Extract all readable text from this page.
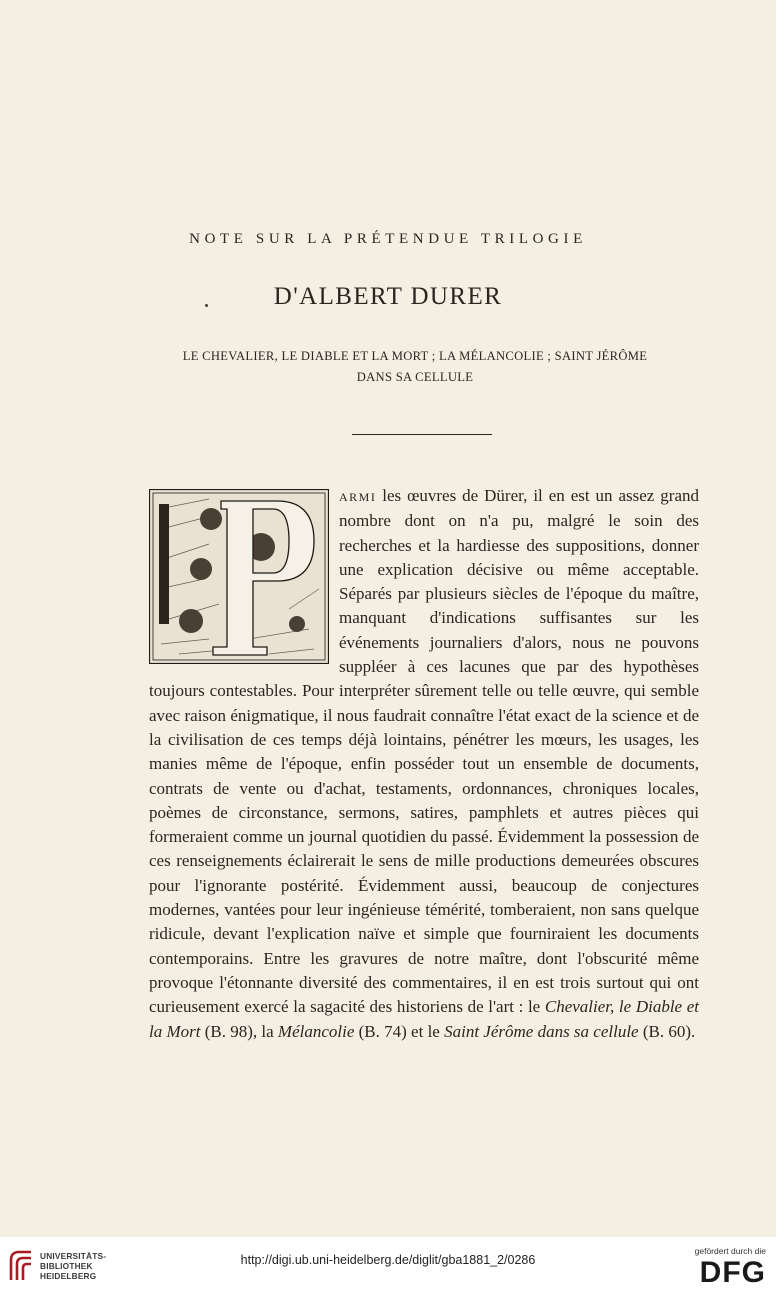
NOTE SUR LA PRÉTENDUE TRILOGIE
D'ALBERT DURER
LE CHEVALIER, LE DIABLE ET LA MORT ; LA MÉLANCOLIE ; SAINT JÉRÔME
DANS SA CELLULE
ARMI les œuvres de Dürer, il en est un assez grand nombre dont on n'a pu, malgré le soin des recherches et la hardiesse des suppositions, donner une explication décisive ou même acceptable. Séparés par plusieurs siècles de l'époque du maître, manquant d'indications suffisantes sur les événements journaliers d'alors, nous ne pouvons suppléer à ces lacunes que par des hypothèses toujours contestables. Pour interpréter sûrement telle ou telle œuvre, qui semble avec raison énigmatique, il nous faudrait connaître l'état exact de la science et de la civilisation de ces temps déjà lointains, pénétrer les mœurs, les usages, les manies même de l'époque, enfin posséder tout un ensemble de documents, contrats de vente ou d'achat, testaments, ordonnances, chroniques locales, poèmes de circonstance, sermons, satires, pamphlets et autres pièces qui formeraient comme un journal quotidien du passé. Évidemment la possession de ces renseignements éclairerait le sens de mille productions demeurées obscures pour l'ignorante postérité. Évidemment aussi, beaucoup de conjectures modernes, vantées pour leur ingénieuse témérité, tomberaient, non sans quelque ridicule, devant l'explication naïve et simple que fourniraient les documents contemporains. Entre les gravures de notre maître, dont l'obscurité même provoque l'étonnante diversité des commentaires, il en est trois surtout qui ont curieusement exercé la sagacité des historiens de l'art : le Chevalier, le Diable et la Mort (B. 98), la Mélancolie (B. 74) et le Saint Jérôme dans sa cellule (B. 60).
UNIVERSITÄTS-
BIBLIOTHEK
HEIDELBERG
http://digi.ub.uni-heidelberg.de/diglit/gba1881_2/0286
gefördert durch die
DFG
